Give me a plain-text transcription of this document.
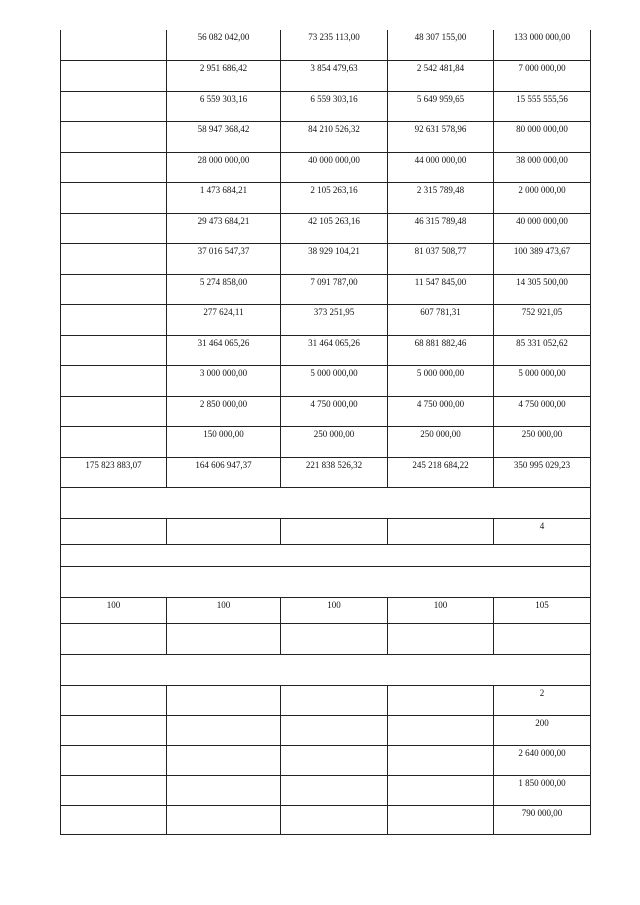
	56 082 042,00	73 235 113,00	48 307 155,00	133 000 000,00
	2 951 686,42	3 854 479,63	2 542 481,84	7 000 000,00
	6 559 303,16	6 559 303,16	5 649 959,65	15 555 555,56
	58 947 368,42	84 210 526,32	92 631 578,96	80 000 000,00
	28 000 000,00	40 000 000,00	44 000 000,00	38 000 000,00
	1 473 684,21	2 105 263,16	2 315 789,48	2 000 000,00
	29 473 684,21	42 105 263,16	46 315 789,48	40 000 000,00
	37 016 547,37	38 929 104,21	81 037 508,77	100 389 473,67
	5 274 858,00	7 091 787,00	11 547 845,00	14 305 500,00
	277 624,11	373 251,95	607 781,31	752 921,05
	31 464 065,26	31 464 065,26	68 881 882,46	85 331 052,62
	3 000 000,00	5 000 000,00	5 000 000,00	5 000 000,00
	2 850 000,00	4 750 000,00	4 750 000,00	4 750 000,00
	150 000,00	250 000,00	250 000,00	250 000,00
175 823 883,07	164 606 947,37	221 838 526,32	245 218 684,22	350 995 029,23

				4

100	100	100	100	105

				2
				200
				2 640 000,00
				1 850 000,00
				790 000,00
